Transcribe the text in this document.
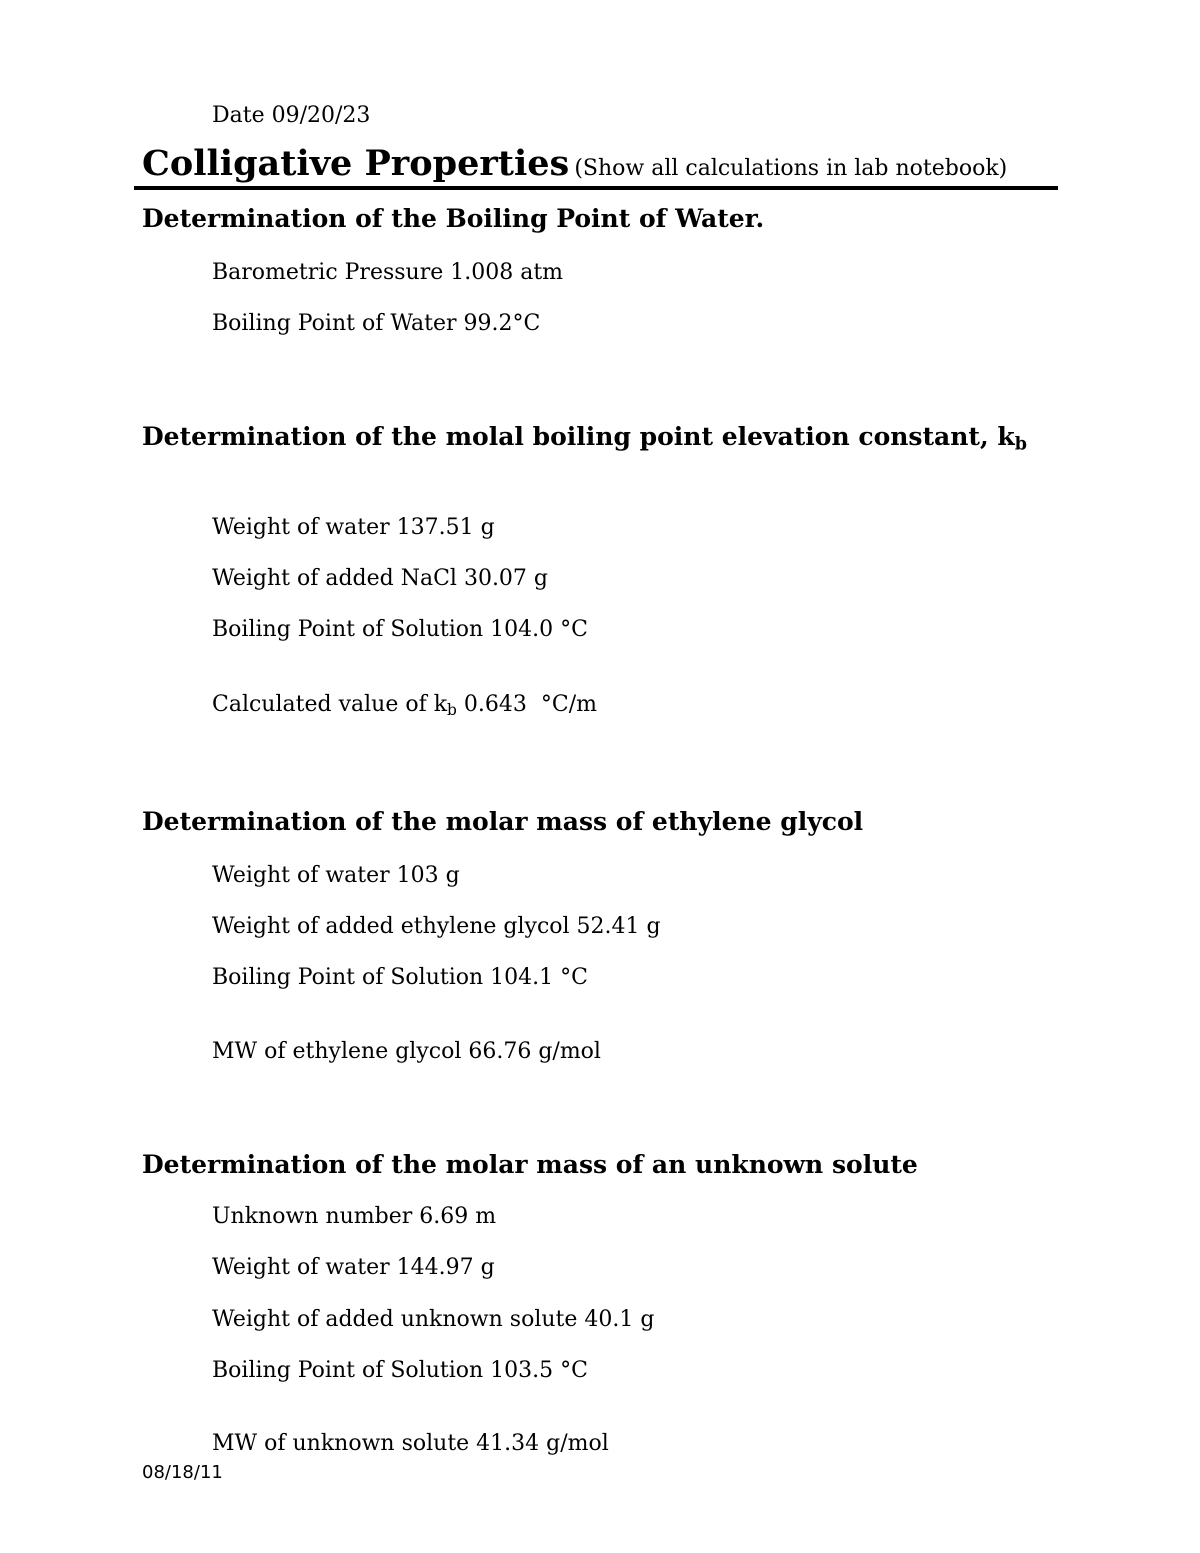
Date 09/20/23
Colligative Properties (Show all calculations in lab notebook)
Determination of the Boiling Point of Water.
Barometric Pressure 1.008 atm
Boiling Point of Water 99.2°C
Determination of the molal boiling point elevation constant, $k_b$
Weight of water 137.51 g
Weight of added NaCl 30.07 g
Boiling Point of Solution 104.0 °C
Calculated value of $k_b$ 0.643  °C/m
Determination of the molar mass of ethylene glycol
Weight of water 103 g
Weight of added ethylene glycol 52.41 g
Boiling Point of Solution 104.1 °C
MW of ethylene glycol 66.76 g/mol
Determination of the molar mass of an unknown solute
Unknown number 6.69 m
Weight of water 144.97 g
Weight of added unknown solute 40.1 g
Boiling Point of Solution 103.5 °C
MW of unknown solute 41.34 g/mol
08/18/11
